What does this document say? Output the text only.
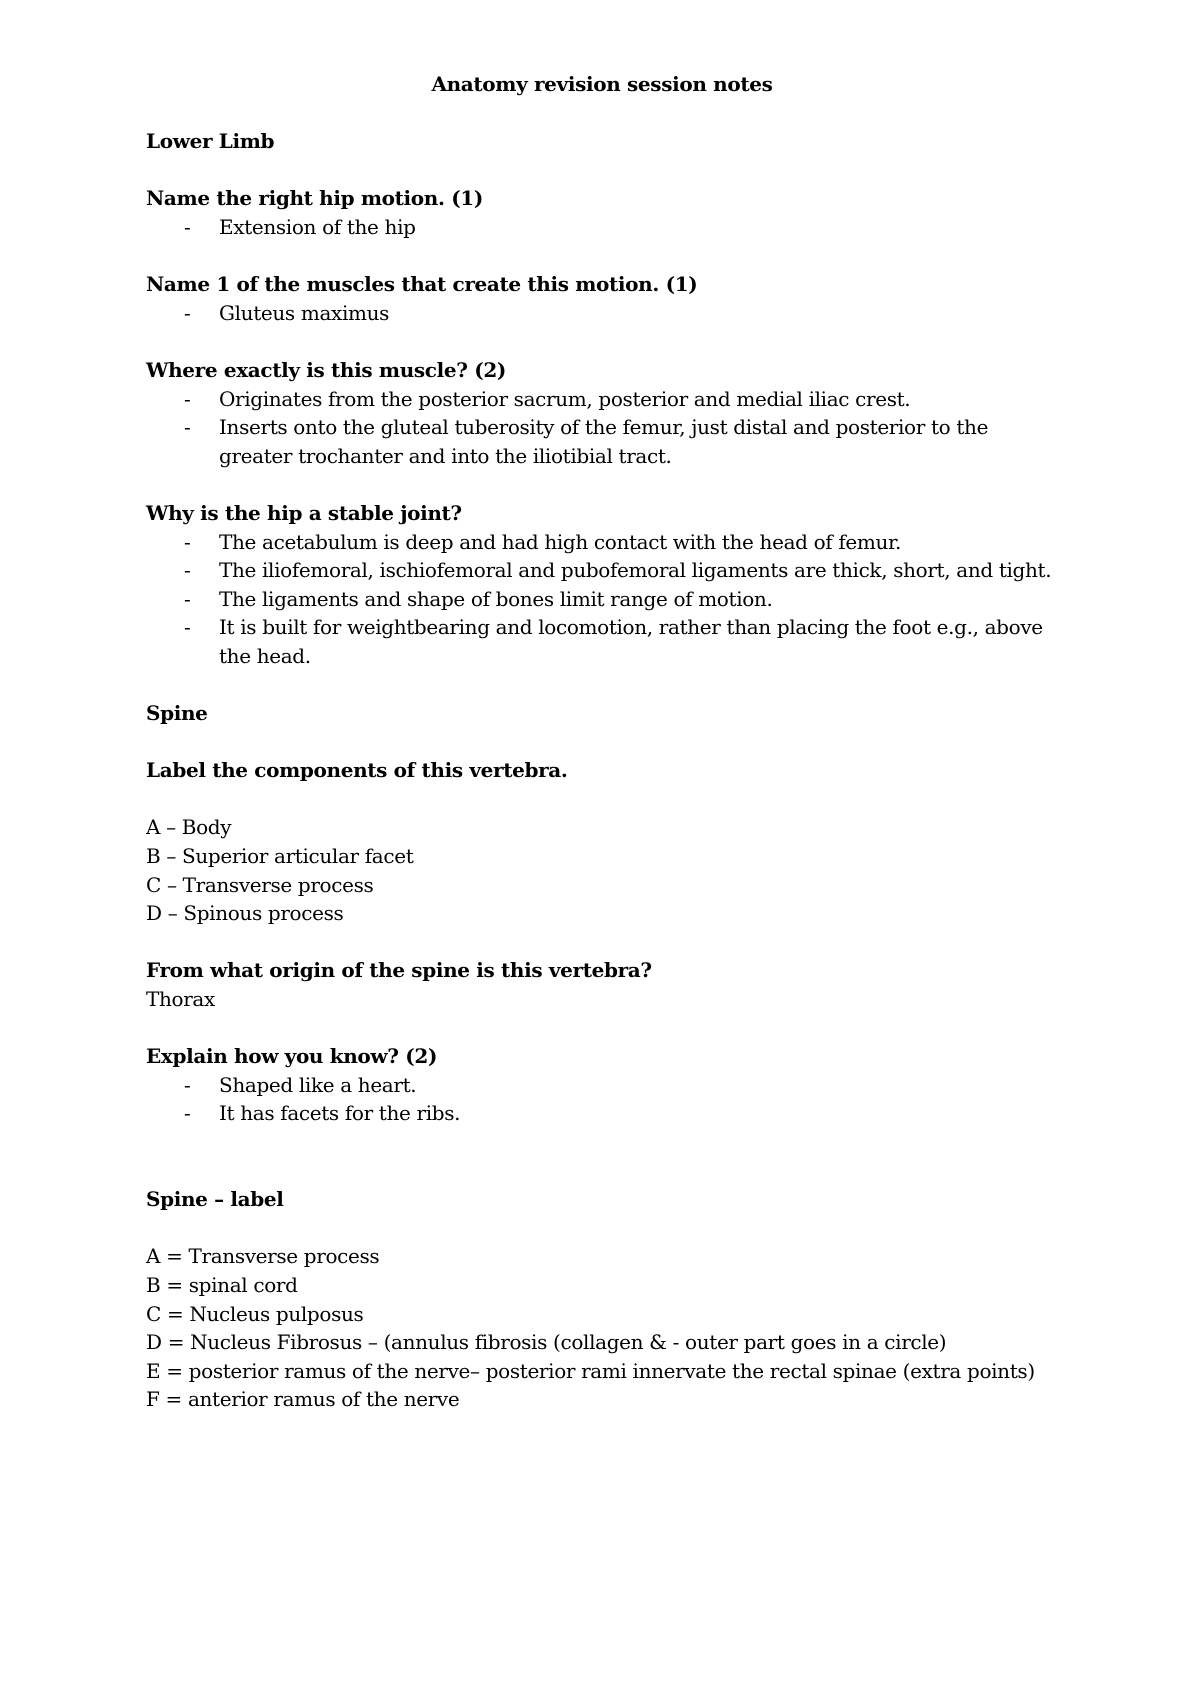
Anatomy revision session notes

Lower Limb

Name the right hip motion. (1)

- Extension of the hip

Name 1 of the muscles that create this motion. (1)

- Gluteus maximus

Where exactly is this muscle? (2)

- Originates from the posterior sacrum, posterior and medial iliac crest.
- Inserts onto the gluteal tuberosity of the femur, just distal and posterior to the greater trochanter and into the iliotibial tract.

Why is the hip a stable joint?

- The acetabulum is deep and had high contact with the head of femur.
- The iliofemoral, ischiofemoral and pubofemoral ligaments are thick, short, and tight.
- The ligaments and shape of bones limit range of motion.
- It is built for weightbearing and locomotion, rather than placing the foot e.g., above the head.

Spine

Label the components of this vertebra.

A – Body

B – Superior articular facet

C – Transverse process

D – Spinous process

From what origin of the spine is this vertebra?

Thorax

Explain how you know? (2)

- Shaped like a heart.
- It has facets for the ribs.

Spine – label

A = Transverse process

B = spinal cord

C = Nucleus pulposus

D = Nucleus Fibrosus – (annulus fibrosis (collagen & - outer part goes in a circle)

E = posterior ramus of the nerve– posterior rami innervate the rectal spinae (extra points)

F = anterior ramus of the nerve
